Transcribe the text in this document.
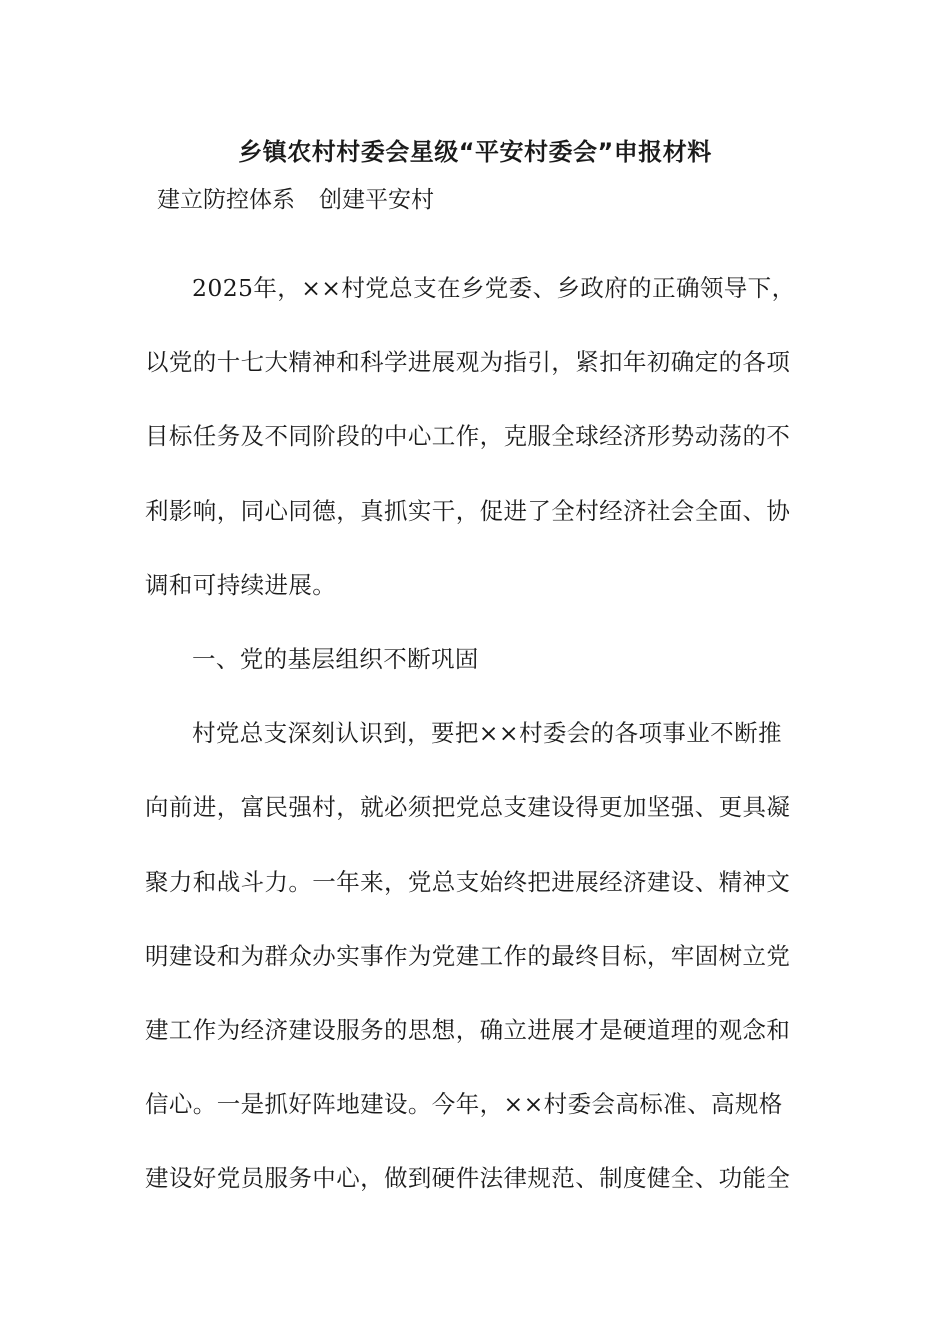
乡镇农村村委会星级“平安村委会”申报材料
建立防控体系 创建平安村
2025年，××村党总支在乡党委、乡政府的正确领导下，
以党的十七大精神和科学进展观为指引，紧扣年初确定的各项
目标任务及不同阶段的中心工作，克服全球经济形势动荡的不
利影响，同心同德，真抓实干，促进了全村经济社会全面、协
调和可持续进展。
一、党的基层组织不断巩固
村党总支深刻认识到，要把××村委会的各项事业不断推
向前进，富民强村，就必须把党总支建设得更加坚强、更具凝
聚力和战斗力。一年来，党总支始终把进展经济建设、精神文
明建设和为群众办实事作为党建工作的最终目标，牢固树立党
建工作为经济建设服务的思想，确立进展才是硬道理的观念和
信心。一是抓好阵地建设。今年，××村委会高标准、高规格
建设好党员服务中心，做到硬件法律规范、制度健全、功能全
